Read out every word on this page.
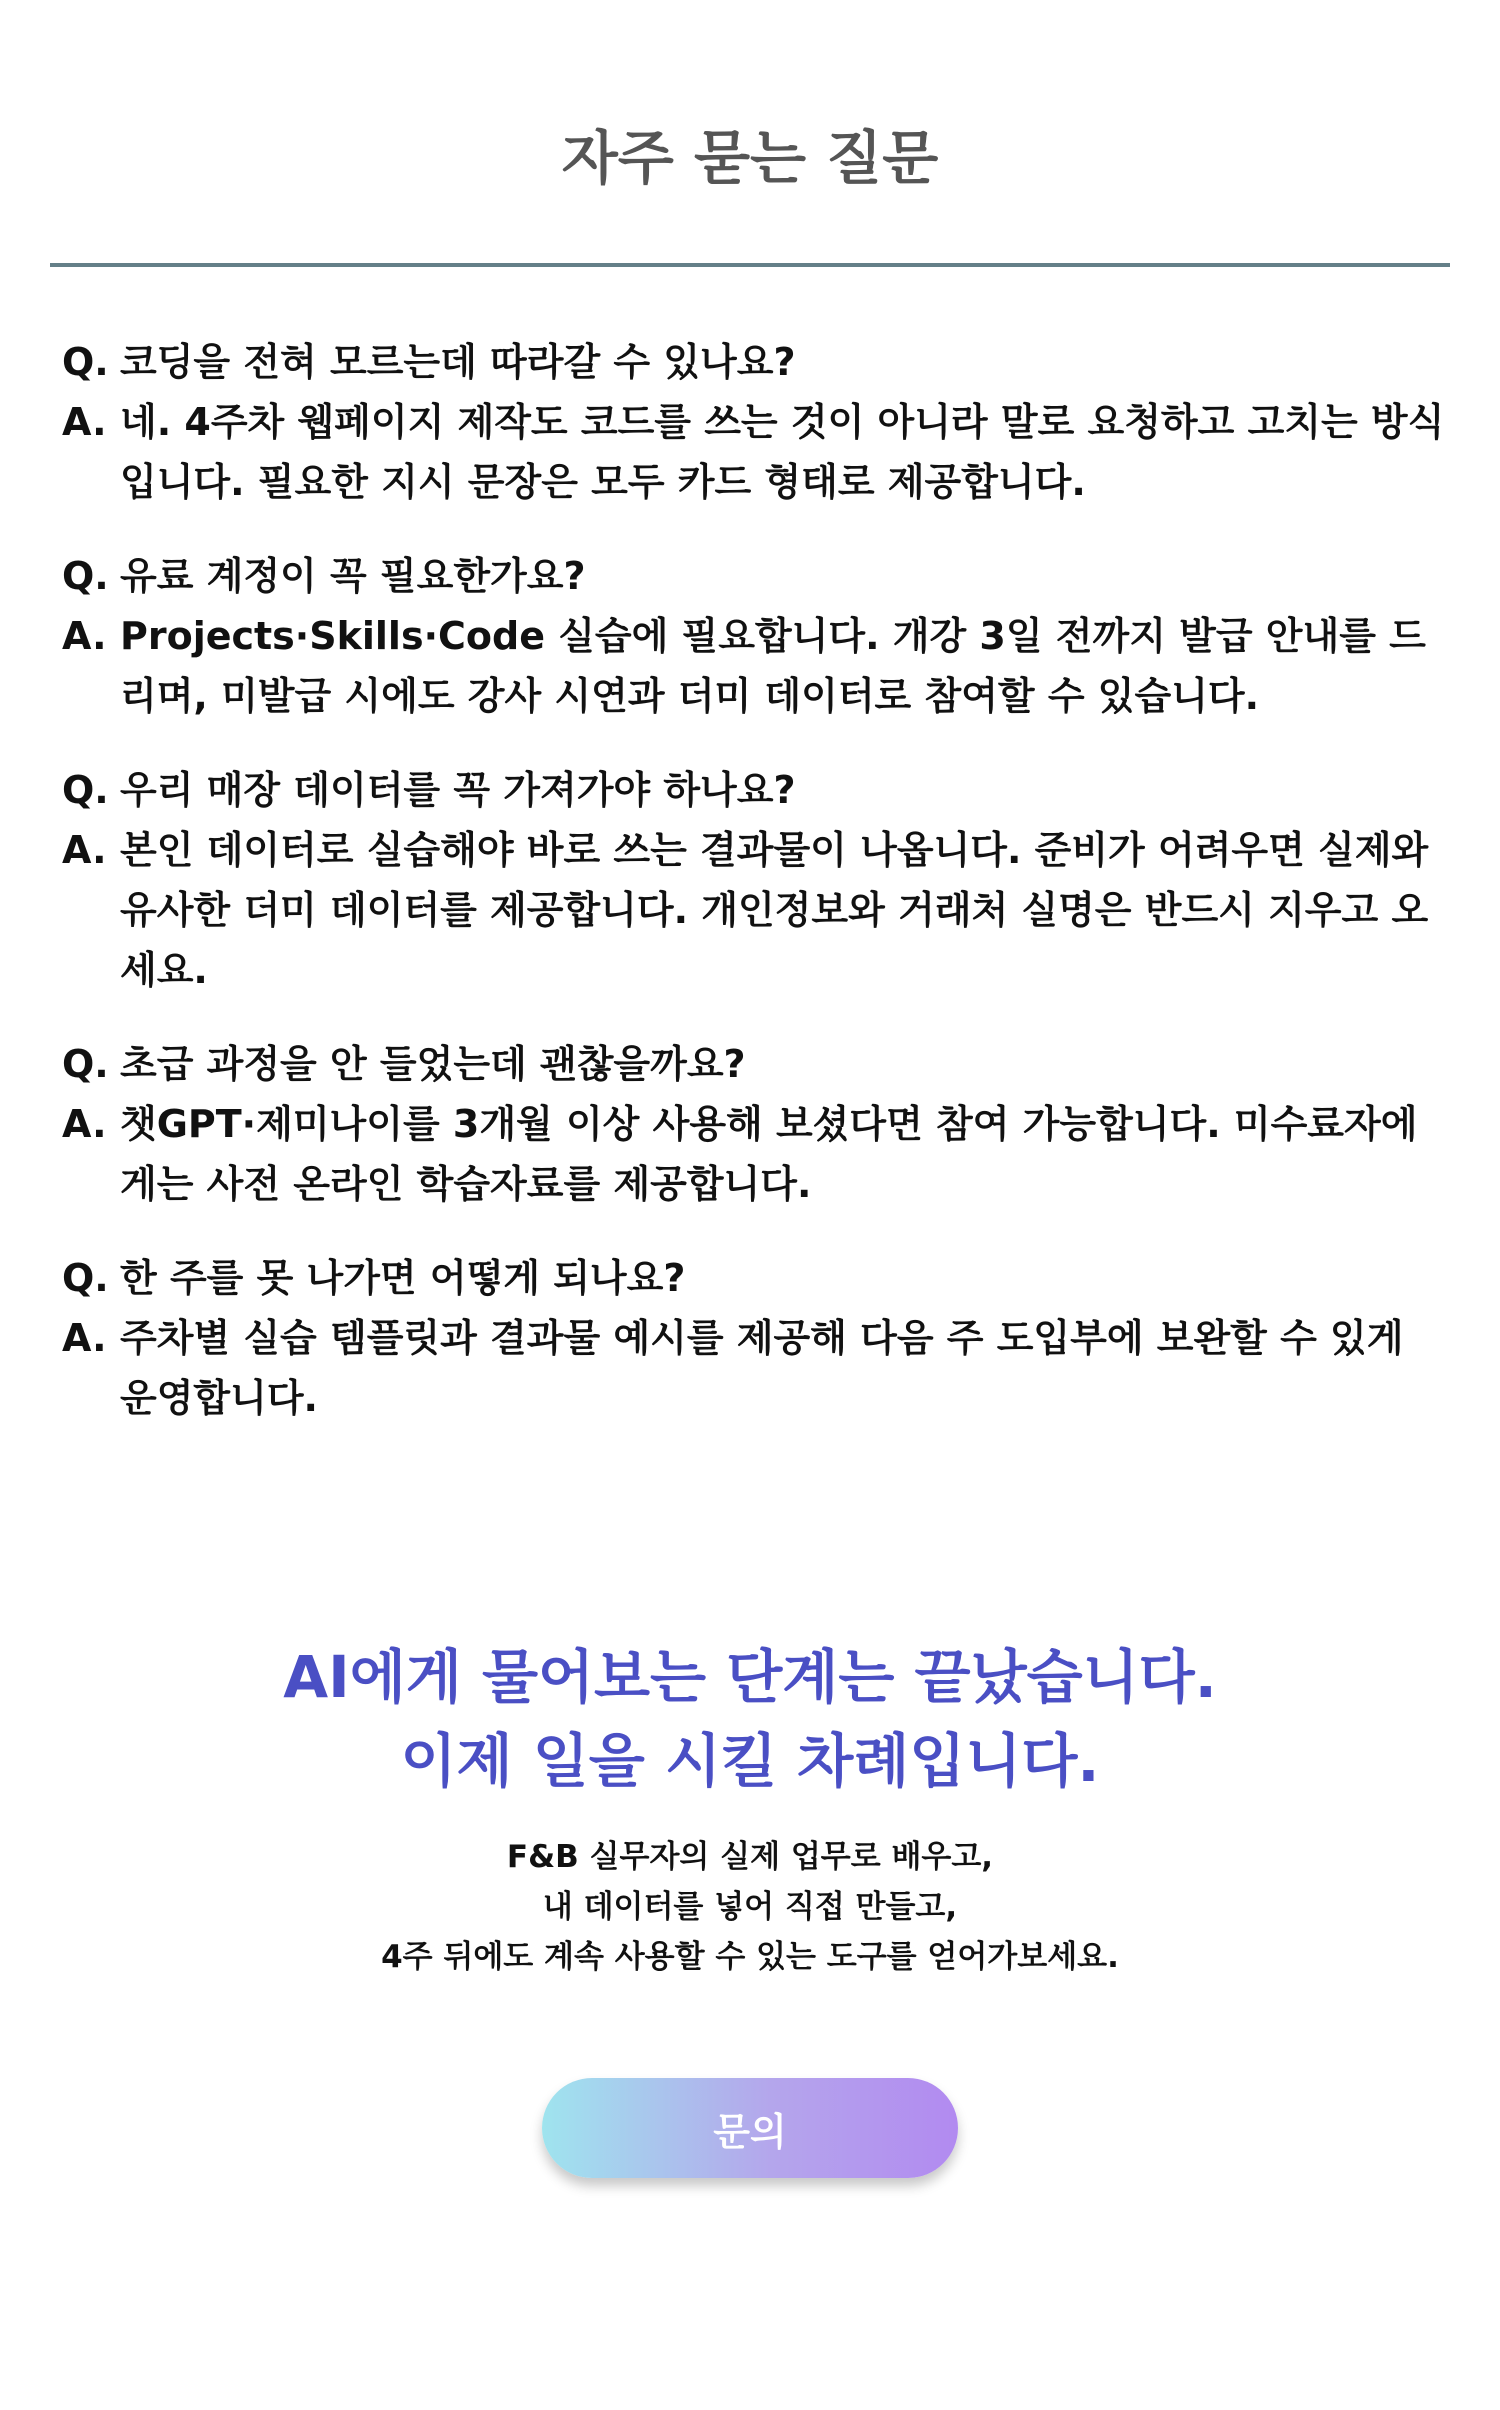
자주 묻는 질문
Q. 코딩을 전혀 모르는데 따라갈 수 있나요?
A. 네. 4주차 웹페이지 제작도 코드를 쓰는 것이 아니라 말로 요청하고 고치는 방식입니다. 필요한 지시 문장은 모두 카드 형태로 제공합니다.
Q. 유료 계정이 꼭 필요한가요?
A. Projects·Skills·Code 실습에 필요합니다. 개강 3일 전까지 발급 안내를 드리며, 미발급 시에도 강사 시연과 더미 데이터로 참여할 수 있습니다.
Q. 우리 매장 데이터를 꼭 가져가야 하나요?
A. 본인 데이터로 실습해야 바로 쓰는 결과물이 나옵니다. 준비가 어려우면 실제와 유사한 더미 데이터를 제공합니다. 개인정보와 거래처 실명은 반드시 지우고 오세요.
Q. 초급 과정을 안 들었는데 괜찮을까요?
A. 챗GPT·제미나이를 3개월 이상 사용해 보셨다면 참여 가능합니다. 미수료자에게는 사전 온라인 학습자료를 제공합니다.
Q. 한 주를 못 나가면 어떻게 되나요?
A. 주차별 실습 템플릿과 결과물 예시를 제공해 다음 주 도입부에 보완할 수 있게 운영합니다.
AI에게 물어보는 단계는 끝났습니다.
이제 일을 시킬 차례입니다.
F&B 실무자의 실제 업무로 배우고,
내 데이터를 넣어 직접 만들고,
4주 뒤에도 계속 사용할 수 있는 도구를 얻어가보세요.
문의
